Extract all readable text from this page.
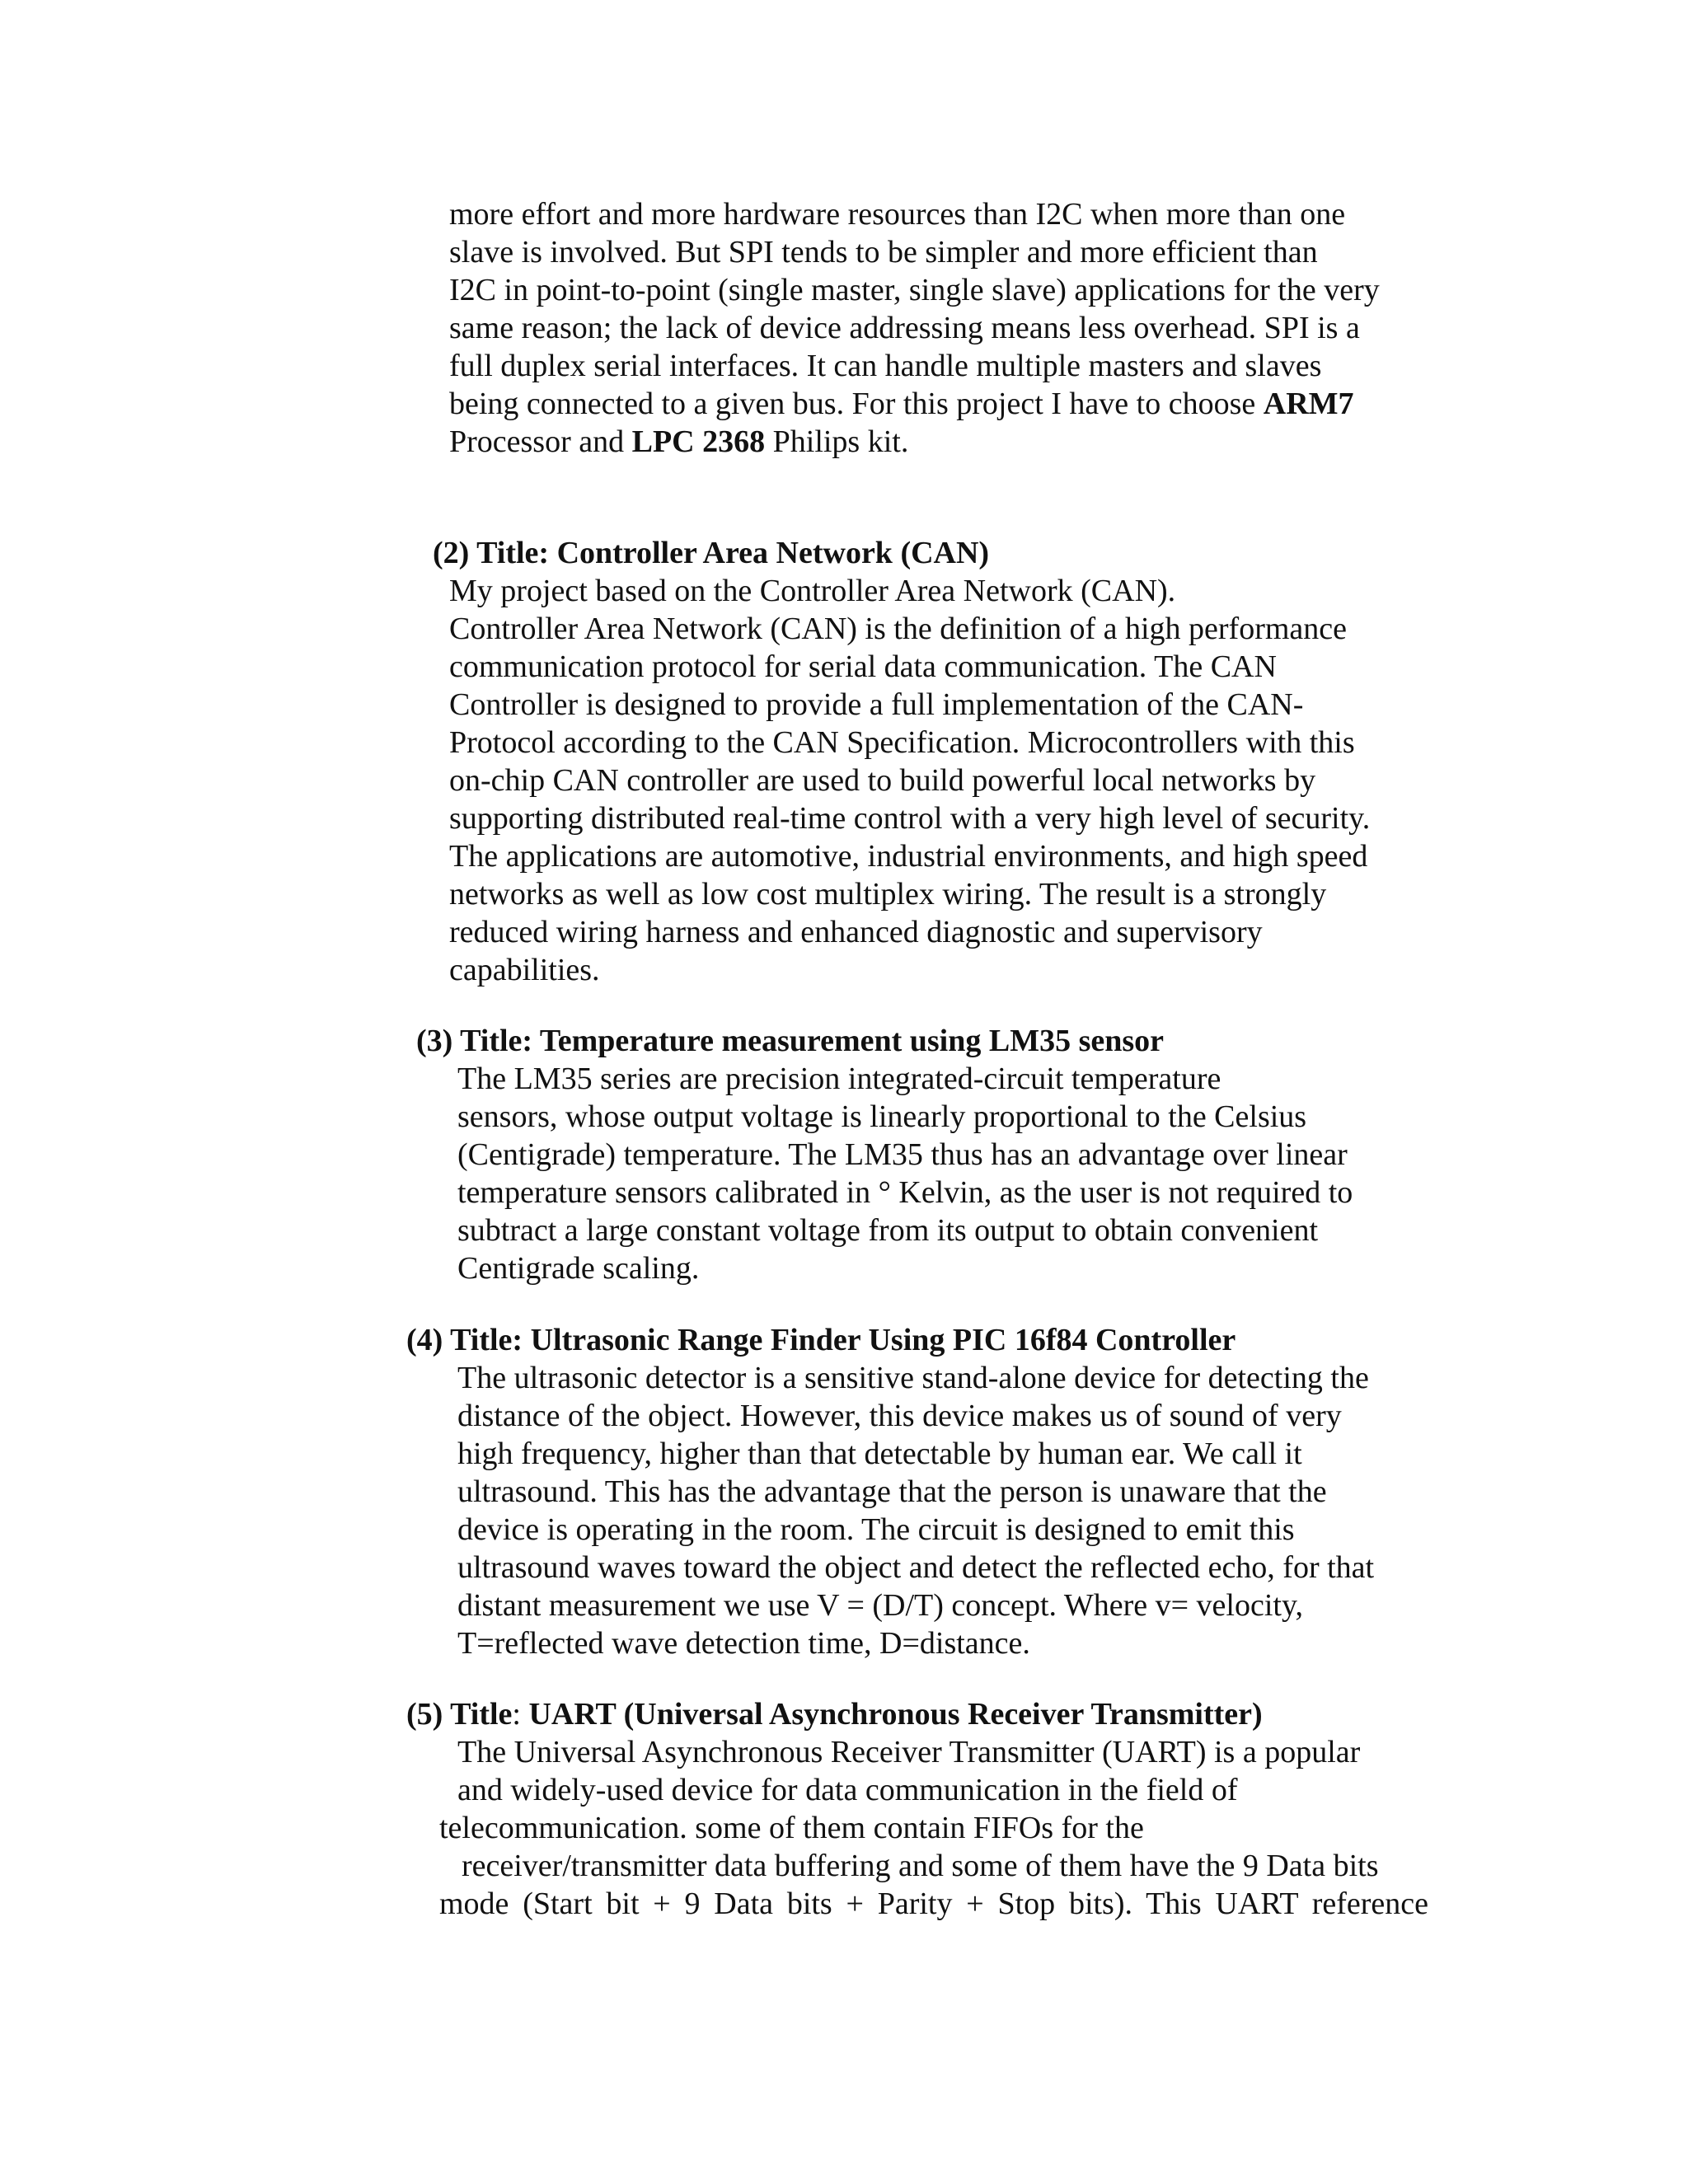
more effort and more hardware resources than I2C when more than one
slave is involved. But SPI tends to be simpler and more efficient than
I2C in point-to-point (single master, single slave) applications for the very
same reason; the lack of device addressing means less overhead. SPI is a
full duplex serial interfaces. It can handle multiple masters and slaves
being connected to a given bus. For this project I have to choose ARM7
Processor and LPC 2368 Philips kit.
(2) Title: Controller Area Network (CAN)
My project based on the Controller Area Network (CAN).
Controller Area Network (CAN) is the definition of a high performance
communication protocol for serial data communication. The CAN
Controller is designed to provide a full implementation of the CAN-
Protocol according to the CAN Specification. Microcontrollers with this
on-chip CAN controller are used to build powerful local networks by
supporting distributed real-time control with a very high level of security.
The applications are automotive, industrial environments, and high speed
networks as well as low cost multiplex wiring. The result is a strongly
reduced wiring harness and enhanced diagnostic and supervisory
capabilities.
(3) Title: Temperature measurement using LM35 sensor
The LM35 series are precision integrated-circuit temperature
sensors, whose output voltage is linearly proportional to the Celsius
(Centigrade) temperature. The LM35 thus has an advantage over linear
temperature sensors calibrated in ° Kelvin, as the user is not required to
subtract a large constant voltage from its output to obtain convenient
Centigrade scaling.
(4) Title: Ultrasonic Range Finder Using PIC 16f84 Controller
The ultrasonic detector is a sensitive stand-alone device for detecting the
distance of the object. However, this device makes us of sound of very
high frequency, higher than that detectable by human ear. We call it
ultrasound. This has the advantage that the person is unaware that the
device is operating in the room. The circuit is designed to emit this
ultrasound waves toward the object and detect the reflected echo, for that
distant measurement we use V = (D/T) concept. Where v= velocity,
T=reflected wave detection time, D=distance.
(5) Title: UART (Universal Asynchronous Receiver Transmitter)
The Universal Asynchronous Receiver Transmitter (UART) is a popular
and widely-used device for data communication in the field of
telecommunication. some of them contain FIFOs for the
receiver/transmitter data buffering and some of them have the 9 Data bits
mode (Start bit + 9 Data bits + Parity + Stop bits). This UART reference
